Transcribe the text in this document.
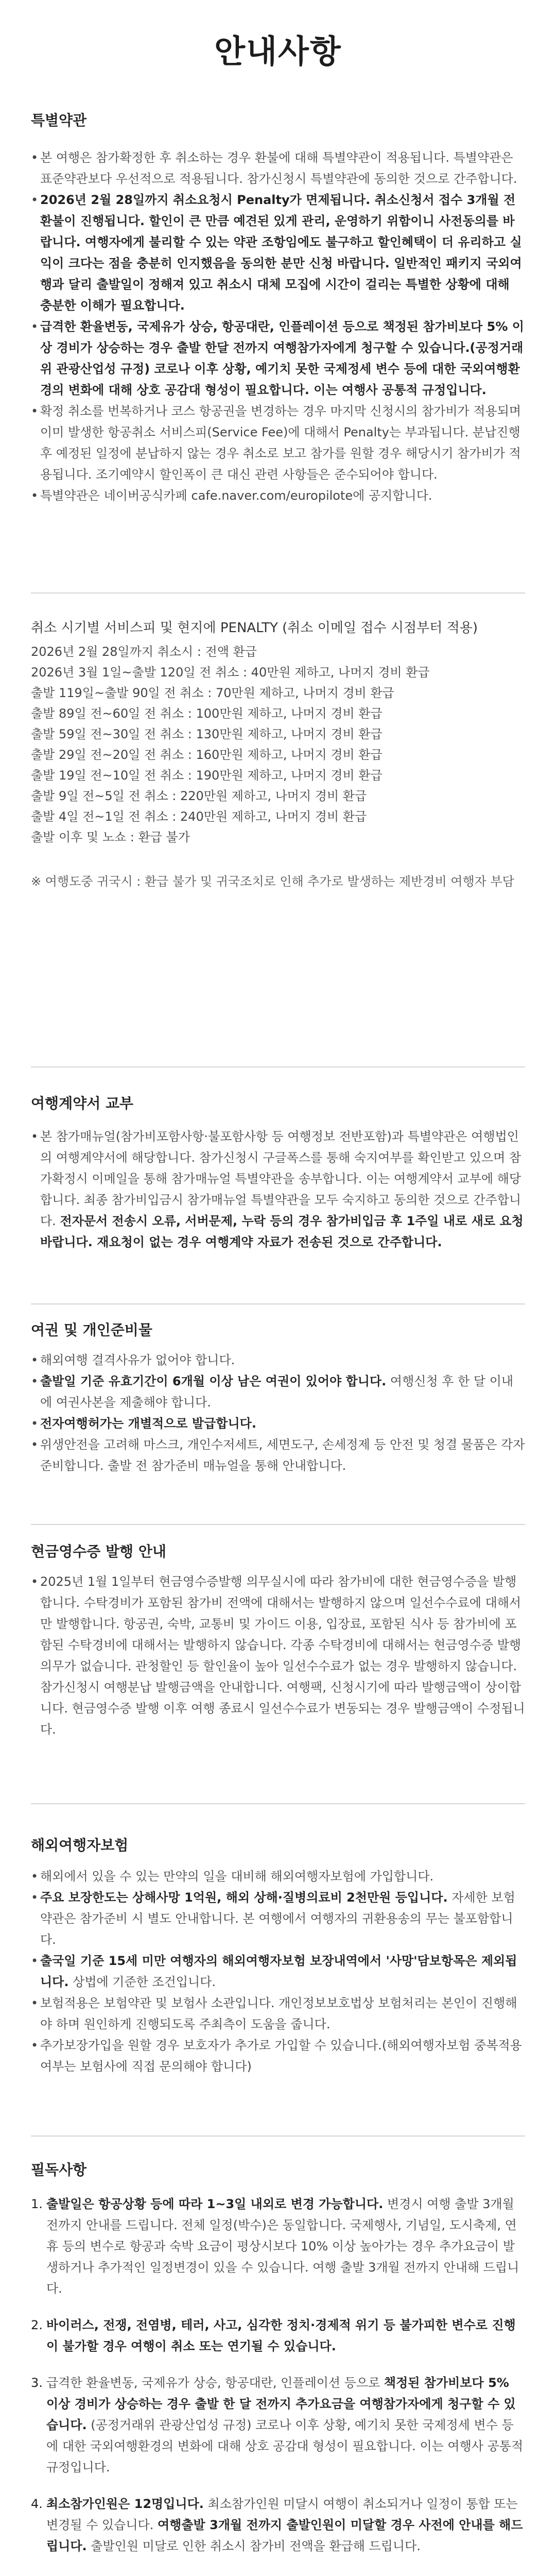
안내사항
특별약관
• 본 여행은 참가확정한 후 취소하는 경우 환불에 대해 특별약관이 적용됩니다. 특별약관은 표준약관보다 우선적으로 적용됩니다. 참가신청시 특별약관에 동의한 것으로 간주합니다.
• 2026년 2월 28일까지 취소요청시 Penalty가 면제됩니다. 취소신청서 접수 3개월 전 환불이 진행됩니다. 할인이 큰 만큼 예견된 있게 관리, 운영하기 위함이니 사전동의를 바랍니다. 여행자에게 불리할 수 있는 약관 조항임에도 불구하고 할인혜택이 더 유리하고 실익이 크다는 점을 충분히 인지했음을 동의한 분만 신청 바랍니다. 일반적인 패키지 국외여행과 달리 출발일이 정해져 있고 취소시 대체 모집에 시간이 걸리는 특별한 상황에 대해 충분한 이해가 필요합니다.
• 급격한 환율변동, 국제유가 상승, 항공대란, 인플레이션 등으로 책정된 참가비보다 5% 이상 경비가 상승하는 경우 출발 한달 전까지 여행참가자에게 청구할 수 있습니다.(공정거래위 관광산업성 규정) 코로나 이후 상황, 예기치 못한 국제정세 변수 등에 대한 국외여행환경의 변화에 대해 상호 공감대 형성이 필요합니다. 이는 여행사 공통적 규정입니다.
• 확정 취소를 번복하거나 코스 항공권을 변경하는 경우 마지막 신청시의 참가비가 적용되며 이미 발생한 항공취소 서비스피(Service Fee)에 대해서 Penalty는 부과됩니다. 분납진행 후 예정된 일정에 분납하지 않는 경우 취소로 보고 참가를 원할 경우 해당시기 참가비가 적용됩니다. 조기예약시 할인폭이 큰 대신 관련 사항들은 준수되어야 합니다.
• 특별약관은 네이버공식카페 cafe.naver.com/europilote에 공지합니다.
취소 시기별 서비스피 및 현지에 PENALTY (취소 이메일 접수 시점부터 적용)
2026년 2월 28일까지 취소시 : 전액 환급
2026년 3월 1일~출발 120일 전 취소 : 40만원 제하고, 나머지 경비 환급
출발 119일~출발 90일 전 취소 : 70만원 제하고, 나머지 경비 환급
출발 89일 전~60일 전 취소 : 100만원 제하고, 나머지 경비 환급
출발 59일 전~30일 전 취소 : 130만원 제하고, 나머지 경비 환급
출발 29일 전~20일 전 취소 : 160만원 제하고, 나머지 경비 환급
출발 19일 전~10일 전 취소 : 190만원 제하고, 나머지 경비 환급
출발 9일 전~5일 전 취소 : 220만원 제하고, 나머지 경비 환급
출발 4일 전~1일 전 취소 : 240만원 제하고, 나머지 경비 환급
출발 이후 및 노쇼 : 환급 불가
※ 여행도중 귀국시 : 환급 불가 및 귀국조치로 인해 추가로 발생하는 제반경비 여행자 부담
여행계약서 교부
• 본 참가매뉴얼(참가비포함사항·불포함사항 등 여행정보 전반포함)과 특별약관은 여행법인의 여행계약서에 해당합니다. 참가신청시 구글폭스를 통해 숙지여부를 확인받고 있으며 참가확정시 이메일을 통해 참가매뉴얼 특별약관을 송부합니다. 이는 여행계약서 교부에 해당합니다. 최종 참가비입금시 참가매뉴얼 특별약관을 모두 숙지하고 동의한 것으로 간주합니다. 전자문서 전송시 오류, 서버문제, 누락 등의 경우 참가비입금 후 1주일 내로 새로 요청 바랍니다. 재요청이 없는 경우 여행계약 자료가 전송된 것으로 간주합니다.
여권 및 개인준비물
• 해외여행 결격사유가 없어야 합니다.
• 출발일 기준 유효기간이 6개월 이상 남은 여권이 있어야 합니다. 여행신청 후 한 달 이내에 여권사본을 제출해야 합니다.
• 전자여행허가는 개별적으로 발급합니다.
• 위생안전을 고려해 마스크, 개인수저세트, 세면도구, 손세정제 등 안전 및 청결 물품은 각자 준비합니다. 출발 전 참가준비 매뉴얼을 통해 안내합니다.
현금영수증 발행 안내
• 2025년 1월 1일부터 현금영수증발행 의무실시에 따라 참가비에 대한 현금영수증을 발행합니다. 수탁경비가 포함된 참가비 전액에 대해서는 발행하지 않으며 일선수수료에 대해서만 발행합니다. 항공권, 숙박, 교통비 및 가이드 이용, 입장료, 포함된 식사 등 참가비에 포함된 수탁경비에 대해서는 발행하지 않습니다. 각종 수탁경비에 대해서는 현금영수증 발행 의무가 없습니다. 관청할인 등 할인율이 높아 일선수수료가 없는 경우 발행하지 않습니다. 참가신청시 여행분납 발행금액을 안내합니다. 여행팩, 신청시기에 따라 발행금액이 상이합니다. 현금영수증 발행 이후 여행 종료시 일선수수료가 변동되는 경우 발행금액이 수정됩니다.
해외여행자보험
• 해외에서 있을 수 있는 만약의 일을 대비해 해외여행자보험에 가입합니다.
• 주요 보장한도는 상해사망 1억원, 해외 상해·질병의료비 2천만원 등입니다. 자세한 보험약관은 참가준비 시 별도 안내합니다. 본 여행에서 여행자의 귀환용송의 무는 불포함합니다.
• 출국일 기준 15세 미만 여행자의 해외여행자보험 보장내역에서 '사망'담보항목은 제외됩니다. 상법에 기준한 조건입니다.
• 보험적용은 보험약관 및 보험사 소관입니다. 개인정보보호법상 보험처리는 본인이 진행해야 하며 원인하게 진행되도록 주최측이 도움을 줍니다.
• 추가보장가입을 원할 경우 보호자가 추가로 가입할 수 있습니다.(해외여행자보험 중복적용 여부는 보험사에 직접 문의해야 합니다)
필독사항
1. 출발일은 항공상황 등에 따라 1~3일 내외로 변경 가능합니다. 변경시 여행 출발 3개월 전까지 안내를 드립니다. 전체 일정(박수)은 동일합니다. 국제행사, 기념일, 도시축제, 연휴 등의 변수로 항공과 숙박 요금이 평상시보다 10% 이상 높아가는 경우 추가요금이 발생하거나 추가적인 일정변경이 있을 수 있습니다. 여행 출발 3개월 전까지 안내해 드립니다.
2. 바이러스, 전쟁, 전염병, 테러, 사고, 심각한 정치·경제적 위기 등 불가피한 변수로 진행이 불가할 경우 여행이 취소 또는 연기될 수 있습니다.
3. 급격한 환율변동, 국제유가 상승, 항공대란, 인플레이션 등으로 책정된 참가비보다 5% 이상 경비가 상승하는 경우 출발 한 달 전까지 추가요금을 여행참가자에게 청구할 수 있습니다. (공정거래위 관광산업성 규정) 코로나 이후 상황, 예기치 못한 국제정세 변수 등에 대한 국외여행환경의 변화에 대해 상호 공감대 형성이 필요합니다. 이는 여행사 공통적 규정입니다.
4. 최소참가인원은 12명입니다. 최소참가인원 미달시 여행이 취소되거나 일정이 통합 또는 변경될 수 있습니다. 여행출발 3개월 전까지 출발인원이 미달할 경우 사전에 안내를 해드립니다. 출발인원 미달로 인한 취소시 참가비 전액을 환급해 드립니다.
